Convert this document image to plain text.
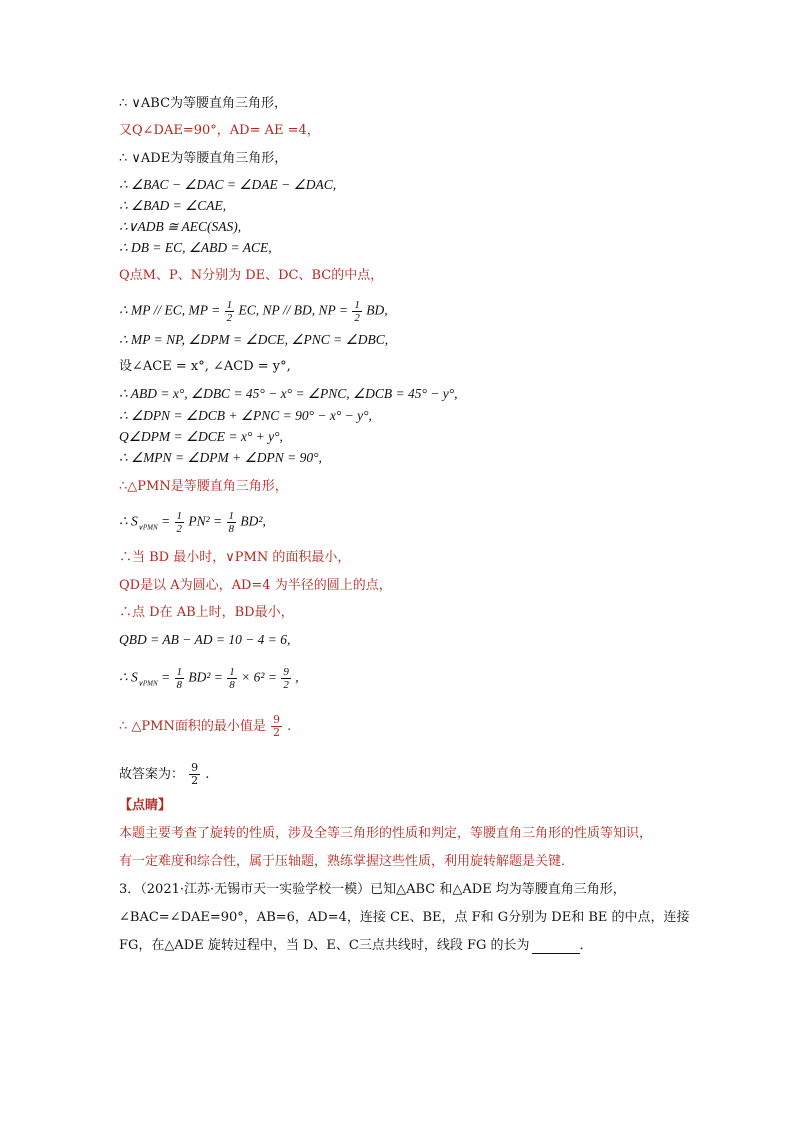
∴ ∨ABC为等腰直角三角形，
又Q∠DAE=90°，AD= AE =4，
∴ ∨ADE为等腰直角三角形，
∴ ∠BAC − ∠DAC = ∠DAE − ∠DAC,
∴ ∠BAD = ∠CAE,
∴∨ADB ≅ AEC(SAS),
∴ DB = EC, ∠ABD = ACE,
Q点M、P、N分别为 DE、DC、BC的中点，
∴ MP // EC, MP = $\frac{1}{2}$ EC, NP // BD, NP = $\frac{1}{2}$ BD,
∴ MP = NP, ∠DPM = ∠DCE, ∠PNC = ∠DBC,
设∠ACE = x°, ∠ACD = y°,
∴ ABD = x°, ∠DBC = 45° − x° = ∠PNC, ∠DCB = 45° − y°,
∴ ∠DPN = ∠DCB + ∠PNC = 90° − x° − y°,
Q∠DPM = ∠DCE = x° + y°,
∴ ∠MPN = ∠DPM + ∠DPN = 90°,
∴△PMN是等腰直角三角形，
∴ $S_{\vee PMN} = \frac{1}{2} PN^2 = \frac{1}{8} BD^2$,
∴当 BD 最小时，∨PMN 的面积最小，
QD是以 A为圆心，AD=4 为半径的圆上的点，
∴点 D在 AB上时，BD最小，
QBD = AB − AD = 10 − 4 = 6,
∴ $S_{\vee PMN} = \frac{1}{8} BD^2 = \frac{1}{8} \times 6^2 = \frac{9}{2}$ ,
∴ △PMN面积的最小值是 $\frac{9}{2}$ .
故答案为： $\frac{9}{2}$ .
【点睛】
本题主要考查了旋转的性质，涉及全等三角形的性质和判定，等腰直角三角形的性质等知识，
有一定难度和综合性，属于压轴题，熟练掌握这些性质，利用旋转解题是关键．
3．（2021·江苏·无锡市天一实验学校一模）已知△ABC 和△ADE 均为等腰直角三角形，
∠BAC=∠DAE=90°，AB=6，AD=4，连接 CE、BE，点 F和 G分别为 DE和 BE 的中点，连接
FG，在△ADE 旋转过程中，当 D、E、C三点共线时，线段 FG 的长为	．
